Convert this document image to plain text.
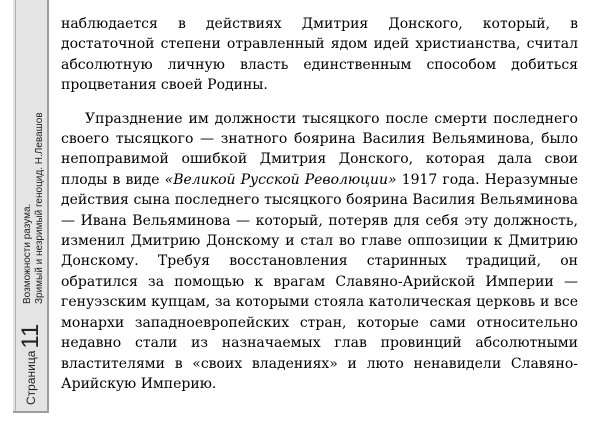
Страница11
Возможности разума. Зримый и незримый геноцид. Н.Левашов

наблюдается в действиях Дмитрия Донского, который, в достаточной степени отравленный ядом идей христианства, считал абсолютную личную власть единственным способом добиться процветания своей Родины.

Упразднение им должности тысяцкого после смерти последнего своего тысяцкого — знатного боярина Василия Вельяминова, было непоправимой ошибкой Дмитрия Донского, которая дала свои плоды в виде «Великой Русской Революции» 1917 года. Неразумные действия сына последнего тысяцкого боярина Василия Вельяминова — Ивана Вельяминова — который, потеряв для себя эту должность, изменил Дмитрию Донскому и стал во главе оппозиции к Дмитрию Донскому. Требуя восстановления старинных традиций, он обратился за помощью к врагам Славяно-Арийской Империи — генуэзским купцам, за которыми стояла католическая церковь и все монархи западноевропейских стран, которые сами относительно недавно стали из назначаемых глав провинций абсолютными властителями в «своих владениях» и люто ненавидели Славяно-Арийскую Империю.
